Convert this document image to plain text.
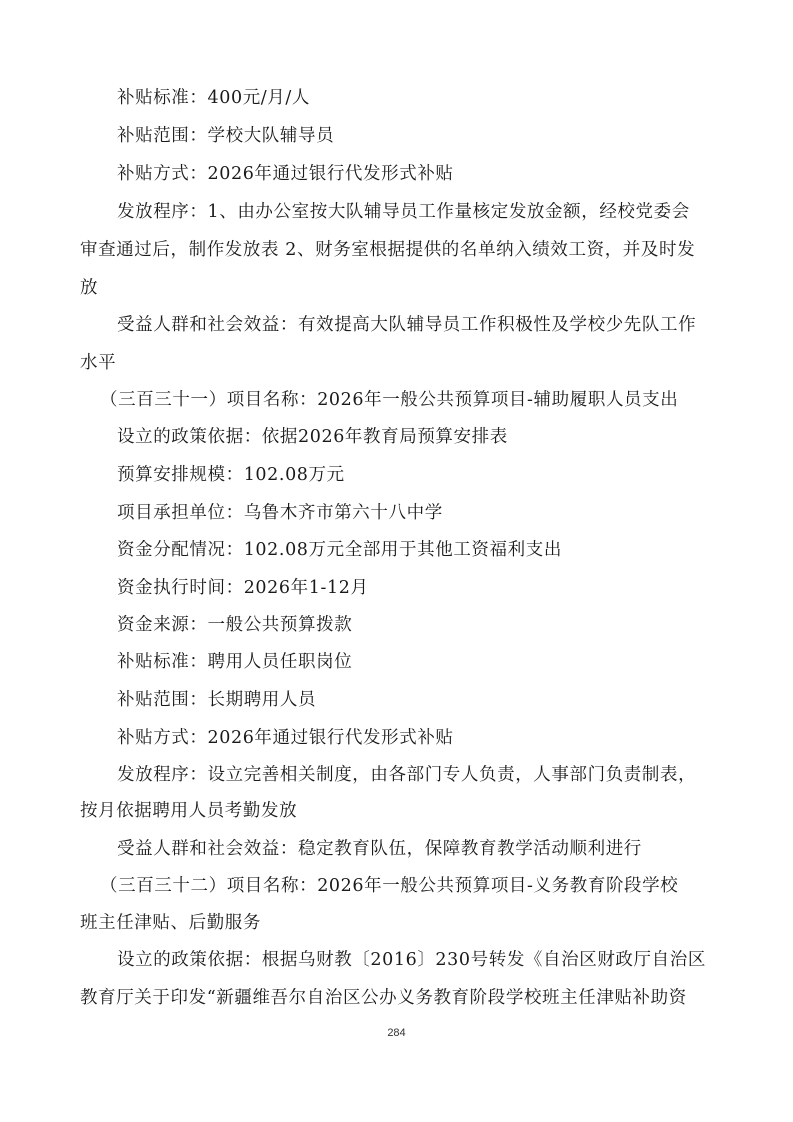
补贴标准：400元/月/人
补贴范围：学校大队辅导员
补贴方式：2026年通过银行代发形式补贴
发放程序：1、由办公室按大队辅导员工作量核定发放金额，经校党委会
审查通过后，制作发放表 2、财务室根据提供的名单纳入绩效工资，并及时发
放
受益人群和社会效益：有效提高大队辅导员工作积极性及学校少先队工作
水平
（三百三十一）项目名称：2026年一般公共预算项目-辅助履职人员支出
设立的政策依据：依据2026年教育局预算安排表
预算安排规模：102.08万元
项目承担单位：乌鲁木齐市第六十八中学
资金分配情况：102.08万元全部用于其他工资福利支出
资金执行时间：2026年1-12月
资金来源：一般公共预算拨款
补贴标准：聘用人员任职岗位
补贴范围：长期聘用人员
补贴方式：2026年通过银行代发形式补贴
发放程序：设立完善相关制度，由各部门专人负责，人事部门负责制表，
按月依据聘用人员考勤发放
受益人群和社会效益：稳定教育队伍，保障教育教学活动顺利进行
（三百三十二）项目名称：2026年一般公共预算项目-义务教育阶段学校
班主任津贴、后勤服务
设立的政策依据：根据乌财教〔2016〕230号转发《自治区财政厅自治区
教育厅关于印发“新疆维吾尔自治区公办义务教育阶段学校班主任津贴补助资
284
